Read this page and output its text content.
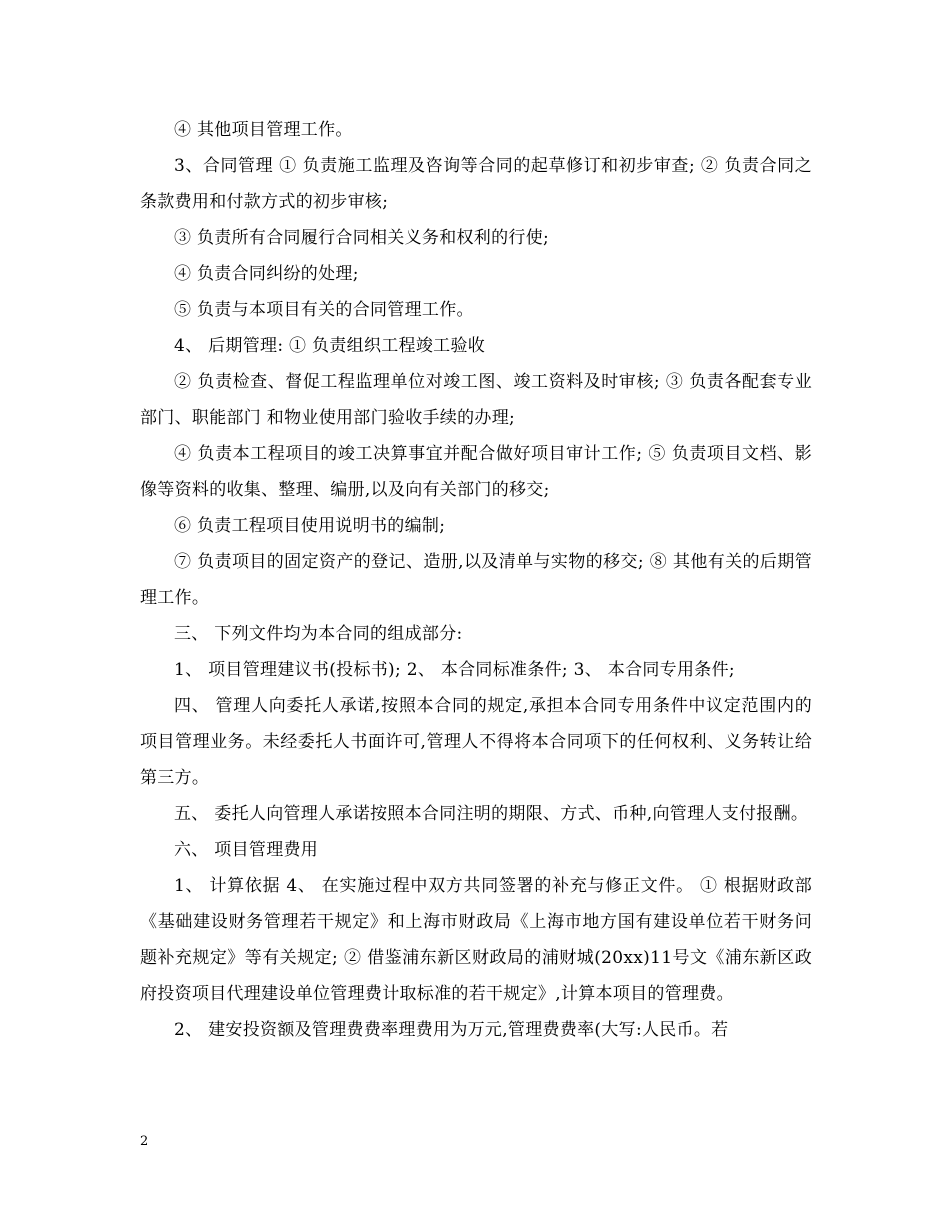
④ 其他项目管理工作。

3、合同管理 ① 负责施工监理及咨询等合同的起草修订和初步审查; ② 负责合同之条款费用和付款方式的初步审核;

③ 负责所有合同履行合同相关义务和权利的行使;

④ 负责合同纠纷的处理;

⑤ 负责与本项目有关的合同管理工作。

4、 后期管理: ① 负责组织工程竣工验收

② 负责检查、督促工程监理单位对竣工图、竣工资料及时审核; ③ 负责各配套专业部门、职能部门 和物业使用部门验收手续的办理;

④ 负责本工程项目的竣工决算事宜并配合做好项目审计工作; ⑤ 负责项目文档、影像等资料的收集、整理、编册,以及向有关部门的移交;

⑥ 负责工程项目使用说明书的编制;

⑦ 负责项目的固定资产的登记、造册,以及清单与实物的移交; ⑧ 其他有关的后期管理工作。

三、 下列文件均为本合同的组成部分:

1、 项目管理建议书(投标书); 2、 本合同标准条件; 3、 本合同专用条件;

四、 管理人向委托人承诺,按照本合同的规定,承担本合同专用条件中议定范围内的项目管理业务。未经委托人书面许可,管理人不得将本合同项下的任何权利、义务转让给第三方。

五、 委托人向管理人承诺按照本合同注明的期限、方式、币种,向管理人支付报酬。

六、 项目管理费用

1、 计算依据 4、 在实施过程中双方共同签署的补充与修正文件。 ① 根据财政部《基础建设财务管理若干规定》和上海市财政局《上海市地方国有建设单位若干财务问题补充规定》等有关规定; ② 借鉴浦东新区财政局的浦财城(20xx)11号文《浦东新区政府投资项目代理建设单位管理费计取标准的若干规定》,计算本项目的管理费。

2、 建安投资额及管理费费率理费用为万元,管理费费率(大写:人民币。若

2
